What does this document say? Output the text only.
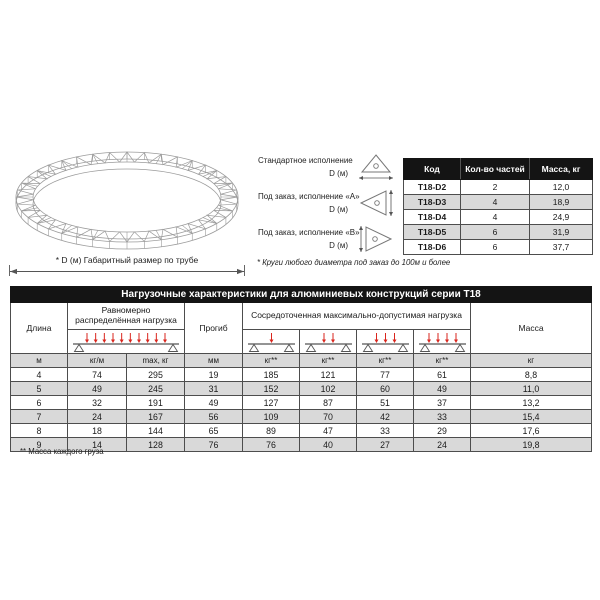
* D (м) Габаритный размер по трубе
Стандартное исполнение
D (м)
Под заказ, исполнение «А»
D (м)
Под заказ, исполнение «В»
D (м)
* Круги любого диаметра под заказ до 100м и более
Код	Кол-во частей	Масса, кг
T18-D2	2	12,0
T18-D3	4	18,9
T18-D4	4	24,9
T18-D5	6	31,9
T18-D6	6	37,7
Нагрузочные характеристики для алюминиевых конструкций серии Т18								
Длина	Равномерно распределённая нагрузка		Прогиб	Сосредоточенная максимально-допустимая нагрузка				Масса

м	кг/м	max, кг	мм	кг**	кг**	кг**	кг**	кг
4	74	295	19	185	121	77	61	8,8
5	49	245	31	152	102	60	49	11,0
6	32	191	49	127	87	51	37	13,2
7	24	167	56	109	70	42	33	15,4
8	18	144	65	89	47	33	29	17,6
9	14	128	76	76	40	27	24	19,8
** Масса каждого груза
